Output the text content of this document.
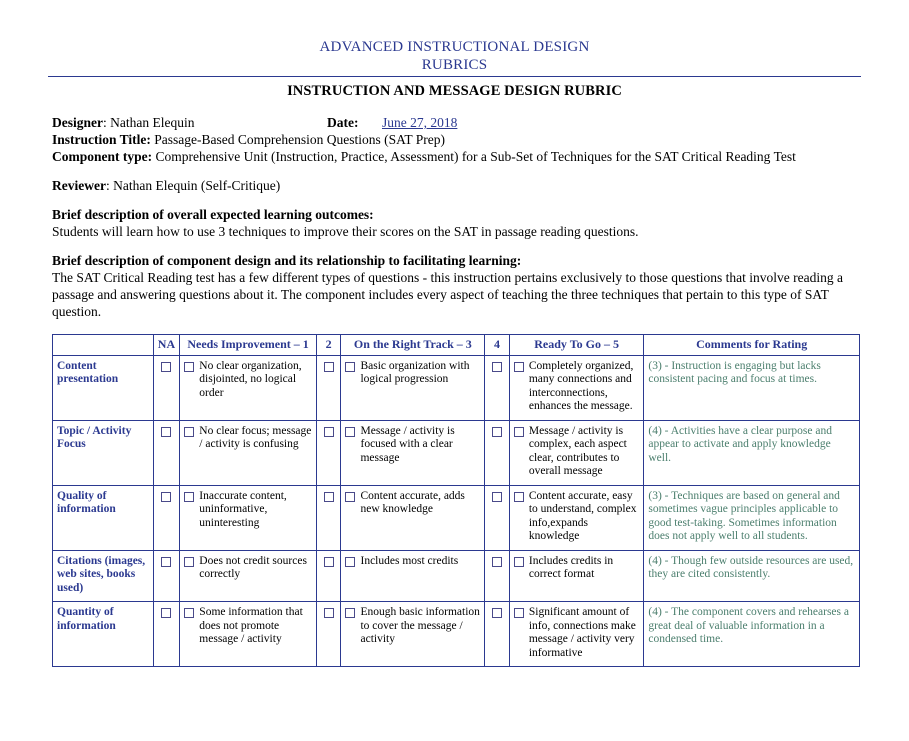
ADVANCED INSTRUCTIONAL DESIGN
RUBRICS
INSTRUCTION AND MESSAGE DESIGN RUBRIC
Designer: Nathan Elequin	Date: June 27, 2018
Instruction Title: Passage-Based Comprehension Questions (SAT Prep)
Component type: Comprehensive Unit (Instruction, Practice, Assessment) for a Sub-Set of Techniques for the SAT Critical Reading Test
Reviewer: Nathan Elequin (Self-Critique)
Brief description of overall expected learning outcomes:
Students will learn how to use 3 techniques to improve their scores on the SAT in passage reading questions.
Brief description of component design and its relationship to facilitating learning:
The SAT Critical Reading test has a few different types of questions - this instruction pertains exclusively to those questions that involve reading a passage and answering questions about it. The component includes every aspect of teaching the three techniques that pertain to this type of SAT question.
	NA	Needs Improvement – 1	2	On the Right Track – 3	4	Ready To Go – 5	Comments for Rating
Content presentation		No clear organization, disjointed, no logical order		Basic organization with logical progression		Completely organized, many connections and interconnections, enhances the message.	(3) - Instruction is engaging but lacks consistent pacing and focus at times.
Topic / Activity Focus		No clear focus; message / activity is confusing		Message / activity is focused with a clear message		Message / activity is complex, each aspect clear, contributes to overall message	(4) - Activities have a clear purpose and appear to activate and apply knowledge well.
Quality of information		Inaccurate content, uninformative, uninteresting		Content accurate, adds new knowledge		Content accurate, easy to understand, complex info,expands knowledge	(3) - Techniques are based on general and sometimes vague principles applicable to good test-taking. Sometimes information does not apply well to all students.
Citations (images, web sites, books used)		Does not credit sources correctly		Includes most credits		Includes credits in correct format	(4) - Though few outside resources are used, they are cited consistently.
Quantity of information		Some information that does not promote message / activity		Enough basic information to cover the message / activity		Significant amount of info, connections make message / activity very informative	(4) - The component covers and rehearses a great deal of valuable information in a condensed time.
